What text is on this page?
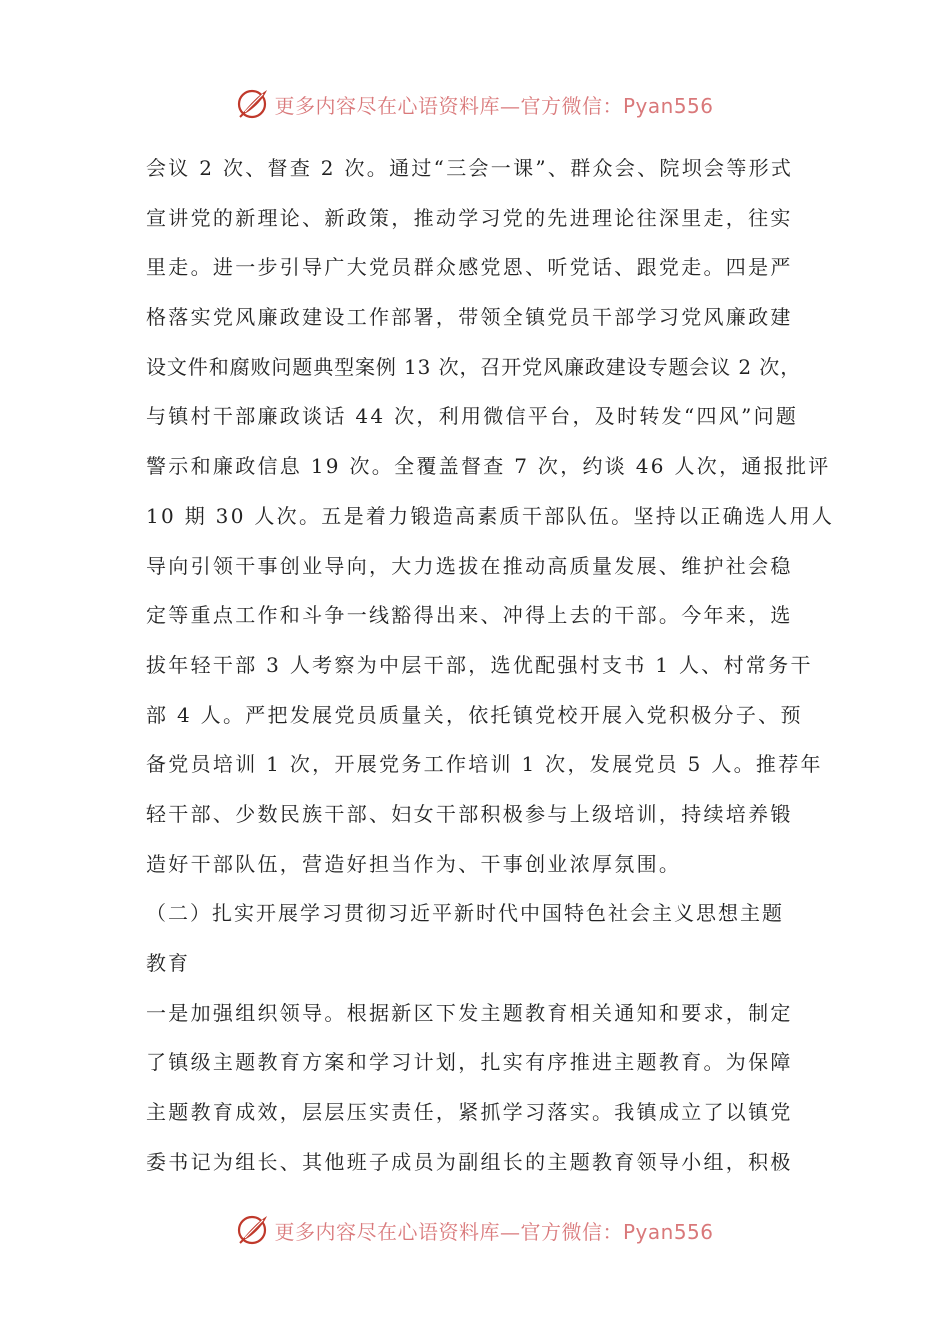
更多内容尽在心语资料库—官方微信：Pyan556
会议 2 次、督查 2 次。通过“三会一课”、群众会、院坝会等形式
宣讲党的新理论、新政策，推动学习党的先进理论往深里走，往实
里走。进一步引导广大党员群众感党恩、听党话、跟党走。四是严
格落实党风廉政建设工作部署，带领全镇党员干部学习党风廉政建
设文件和腐败问题典型案例 13 次，召开党风廉政建设专题会议 2 次，
与镇村干部廉政谈话 44 次，利用微信平台，及时转发“四风”问题
警示和廉政信息 19 次。全覆盖督查 7 次，约谈 46 人次，通报批评
10 期 30 人次。五是着力锻造高素质干部队伍。坚持以正确选人用人
导向引领干事创业导向，大力选拔在推动高质量发展、维护社会稳
定等重点工作和斗争一线豁得出来、冲得上去的干部。今年来，选
拔年轻干部 3 人考察为中层干部，选优配强村支书 1 人、村常务干
部 4 人。严把发展党员质量关，依托镇党校开展入党积极分子、预
备党员培训 1 次，开展党务工作培训 1 次，发展党员 5 人。推荐年
轻干部、少数民族干部、妇女干部积极参与上级培训，持续培养锻
造好干部队伍，营造好担当作为、干事创业浓厚氛围。
（二）扎实开展学习贯彻习近平新时代中国特色社会主义思想主题
教育
一是加强组织领导。根据新区下发主题教育相关通知和要求，制定
了镇级主题教育方案和学习计划，扎实有序推进主题教育。为保障
主题教育成效，层层压实责任，紧抓学习落实。我镇成立了以镇党
委书记为组长、其他班子成员为副组长的主题教育领导小组，积极
更多内容尽在心语资料库—官方微信：Pyan556
